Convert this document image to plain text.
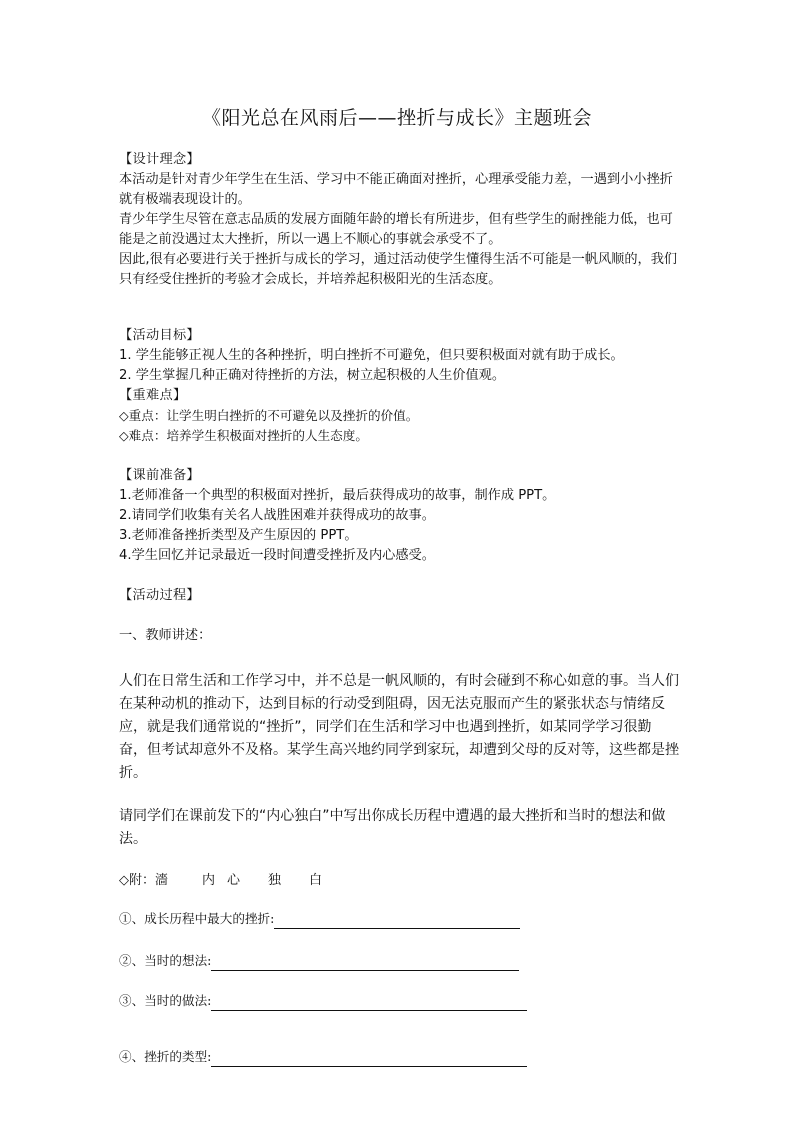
《阳光总在风雨后——挫折与成长》主题班会

【设计理念】

本活动是针对青少年学生在生活、学习中不能正确面对挫折，心理承受能力差，一遇到小小挫折就有极端表现设计的。

青少年学生尽管在意志品质的发展方面随年龄的增长有所进步，但有些学生的耐挫能力低，也可能是之前没遇过太大挫折，所以一遇上不顺心的事就会承受不了。

因此,很有必要进行关于挫折与成长的学习，通过活动使学生懂得生活不可能是一帆风顺的，我们只有经受住挫折的考验才会成长，并培养起积极阳光的生活态度。

【活动目标】

1. 学生能够正视人生的各种挫折，明白挫折不可避免，但只要积极面对就有助于成长。

2. 学生掌握几种正确对待挫折的方法，树立起积极的人生价值观。

【重难点】

◇重点：让学生明白挫折的不可避免以及挫折的价值。

◇难点：培养学生积极面对挫折的人生态度。

【课前准备】

1.老师准备一个典型的积极面对挫折，最后获得成功的故事，制作成 PPT。

2.请同学们收集有关名人战胜困难并获得成功的故事。

3.老师准备挫折类型及产生原因的 PPT。

4.学生回忆并记录最近一段时间遭受挫折及内心感受。

【活动过程】

一、教师讲述：

人们在日常生活和工作学习中，并不总是一帆风顺的，有时会碰到不称心如意的事。当人们在某种动机的推动下，达到目标的行动受到阻碍，因无法克服而产生的紧张状态与情绪反应，就是我们通常说的“挫折”，同学们在生活和学习中也遇到挫折，如某同学学习很勤奋，但考试却意外不及格。某学生高兴地约同学到家玩，却遭到父母的反对等，这些都是挫折。

请同学们在课前发下的“内心独白”中写出你成长历程中遭遇的最大挫折和当时的想法和做法。

◇附：濇	内 心 独 白

①、成长历程中最大的挫折:
②、当时的想法:
③、当时的做法:
④、挫折的类型:
